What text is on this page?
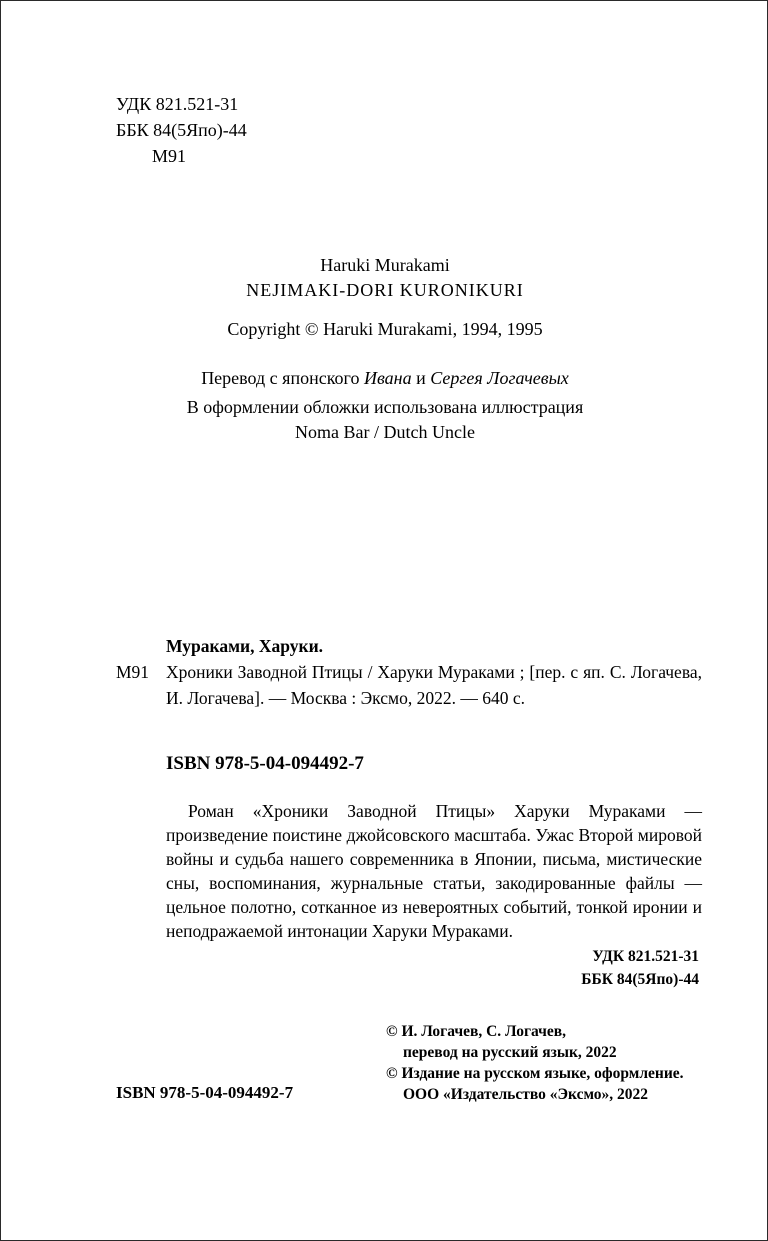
УДК 821.521-31
ББК 84(5Япо)-44
М91
Haruki Murakami
NEJIMAKI-DORI KURONIKURI
Copyright © Haruki Murakami, 1994, 1995
Перевод с японского Ивана и Сергея Логачевых
В оформлении обложки использована иллюстрация
Noma Bar / Dutch Uncle
Мураками, Харуки.
М91 Хроники Заводной Птицы / Харуки Мураками ; [пер. с яп. С. Логачева, И. Логачева]. — Москва : Эксмо, 2022. — 640 с.
ISBN 978-5-04-094492-7
Роман «Хроники Заводной Птицы» Харуки Мураками — произведение поистине джойсовского масштаба. Ужас Второй мировой войны и судьба нашего современника в Японии, письма, мистические сны, воспоминания, журнальные статьи, закодированные файлы — цельное полотно, сотканное из невероятных событий, тонкой иронии и неподражаемой интонации Харуки Мураками.
УДК 821.521-31
ББК 84(5Япо)-44
© И. Логачев, С. Логачев,
перевод на русский язык, 2022
© Издание на русском языке, оформление.
ООО «Издательство «Эксмо», 2022
ISBN 978-5-04-094492-7
